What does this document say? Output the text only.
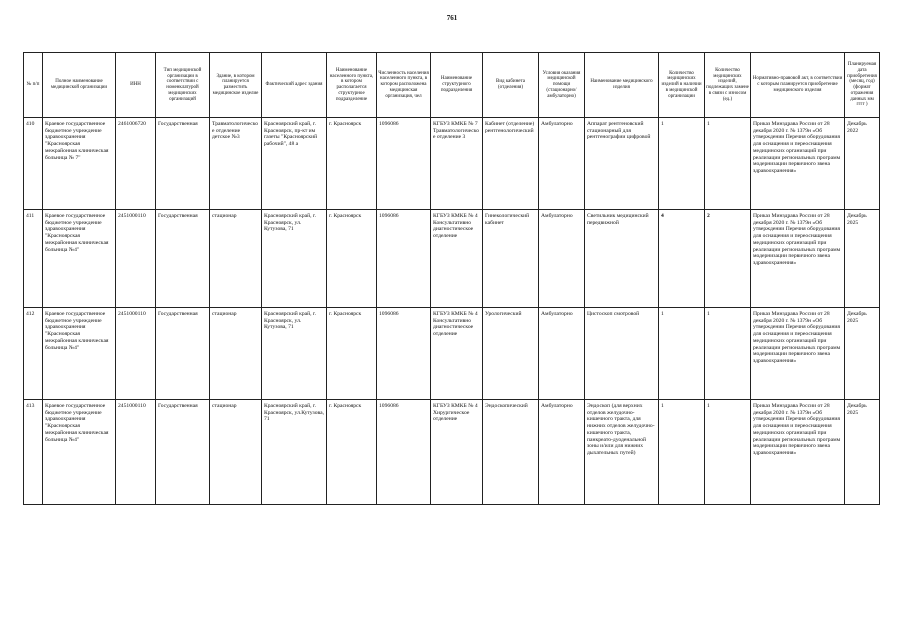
761
№ п/п	Полное наименование медицинской организации	ИНН	Тип медицинской организации в соответствии с номенклатурой медицинских организаций	Здание, в котором планируется разместить медицинское изделие	Фактический адрес здания	Наименование населенного пункта, в котором располагается структурное подразделение	Численность населения населенного пункта, в котором расположена медицинская организация, чел	Наименование структурного подразделения	Вид кабинета (отделения)	Условия оказания медицинской помощи (стационарно/ амбулаторно)	Наименование медицинского изделия	Количество медицинских изделий в наличии в медицинской организации	Количество медицинских изделий, подлежащих замене в связи с износом (ед.)	Нормативно-правовой акт, в соответствии с которым планируется приобретение медицинского изделия	Планируемая дата приобретения (месяц, год) (формат отражения данных мм гггг )
410	Краевое государственное бюджетное учреждение здравоохранения "Красноярская межрайонная клиническая больница № 7"	2461006720	Государственная	Травматологическое отделение детское №3	Красноярский край, г. Красноярск, пр-кт им газеты "Красноярский рабочий", 48 а	г. Красноярск	1096086	КГБУЗ КМКБ № 7 Травматологическое отделение 3	Кабинет (отделение) рентгенологический	Амбулаторно	Аппарат рентгеновский стационарный для рентгенографии цифровой	1	1	Приказ Минздрава России от 28 декабря 2020 г. № 1379н «Об утверждении Перечня оборудования для оснащения и переоснащения медицинских организаций при реализации региональных программ модернизации первичного звена здравоохранения»	Декабрь 2022
411	Краевое государственное бюджетное учреждение здравоохранения "Красноярская межрайонная клиническая больница №4"	2451000110	Государственная	стационар	Красноярский край, г. Красноярск, ул. Кутузова, 71	г. Красноярск	1096086	КГБУЗ КМКБ № 4 Консультативно диагностическое отделение	Гинекологический кабинет	Амбулаторно	Светильник медицинский передвижной	4	2	Приказ Минздрава России от 28 декабря 2020 г. № 1379н «Об утверждении Перечня оборудования для оснащения и переоснащения медицинских организаций при реализации региональных программ модернизации первичного звена здравоохранения»	Декабрь 2025
412	Краевое государственное бюджетное учреждение здравоохранения "Красноярская межрайонная клиническая больница №4"	2451000110	Государственная	стационар	Красноярский край, г. Красноярск, ул. Кутузова, 71	г. Красноярск	1096086	КГБУЗ КМКБ № 4 Консультативно диагностическое отделение	Урологический	Амбулаторно	Цистоскоп смотровой	1	1	Приказ Минздрава России от 28 декабря 2020 г. № 1379н «Об утверждении Перечня оборудования для оснащения и переоснащения медицинских организаций при реализации региональных программ модернизации первичного звена здравоохранения»	Декабрь 2025
413	Краевое государственное бюджетное учреждение здравоохранения "Красноярская межрайонная клиническая больница №4"	2451000110	Государственная	стационар	Красноярский край, г. Красноярск, ул.Кутузова, 71	г. Красноярск	1096086	КГБУЗ КМКБ № 4 Хирургическое отделение	Эндоскопический	Амбулаторно	Эндоскоп (для верхних отделов желудочно-кишечного тракта, для нижних отделов желудочно-кишечного тракта, панкреато-дуоденальной зоны и/или для нижних дыхательных путей)	1	1	Приказ Минздрава России от 28 декабря 2020 г. № 1379н «Об утверждении Перечня оборудования для оснащения и переоснащения медицинских организаций при реализации региональных программ модернизации первичного звена здравоохранения»	Декабрь 2025
